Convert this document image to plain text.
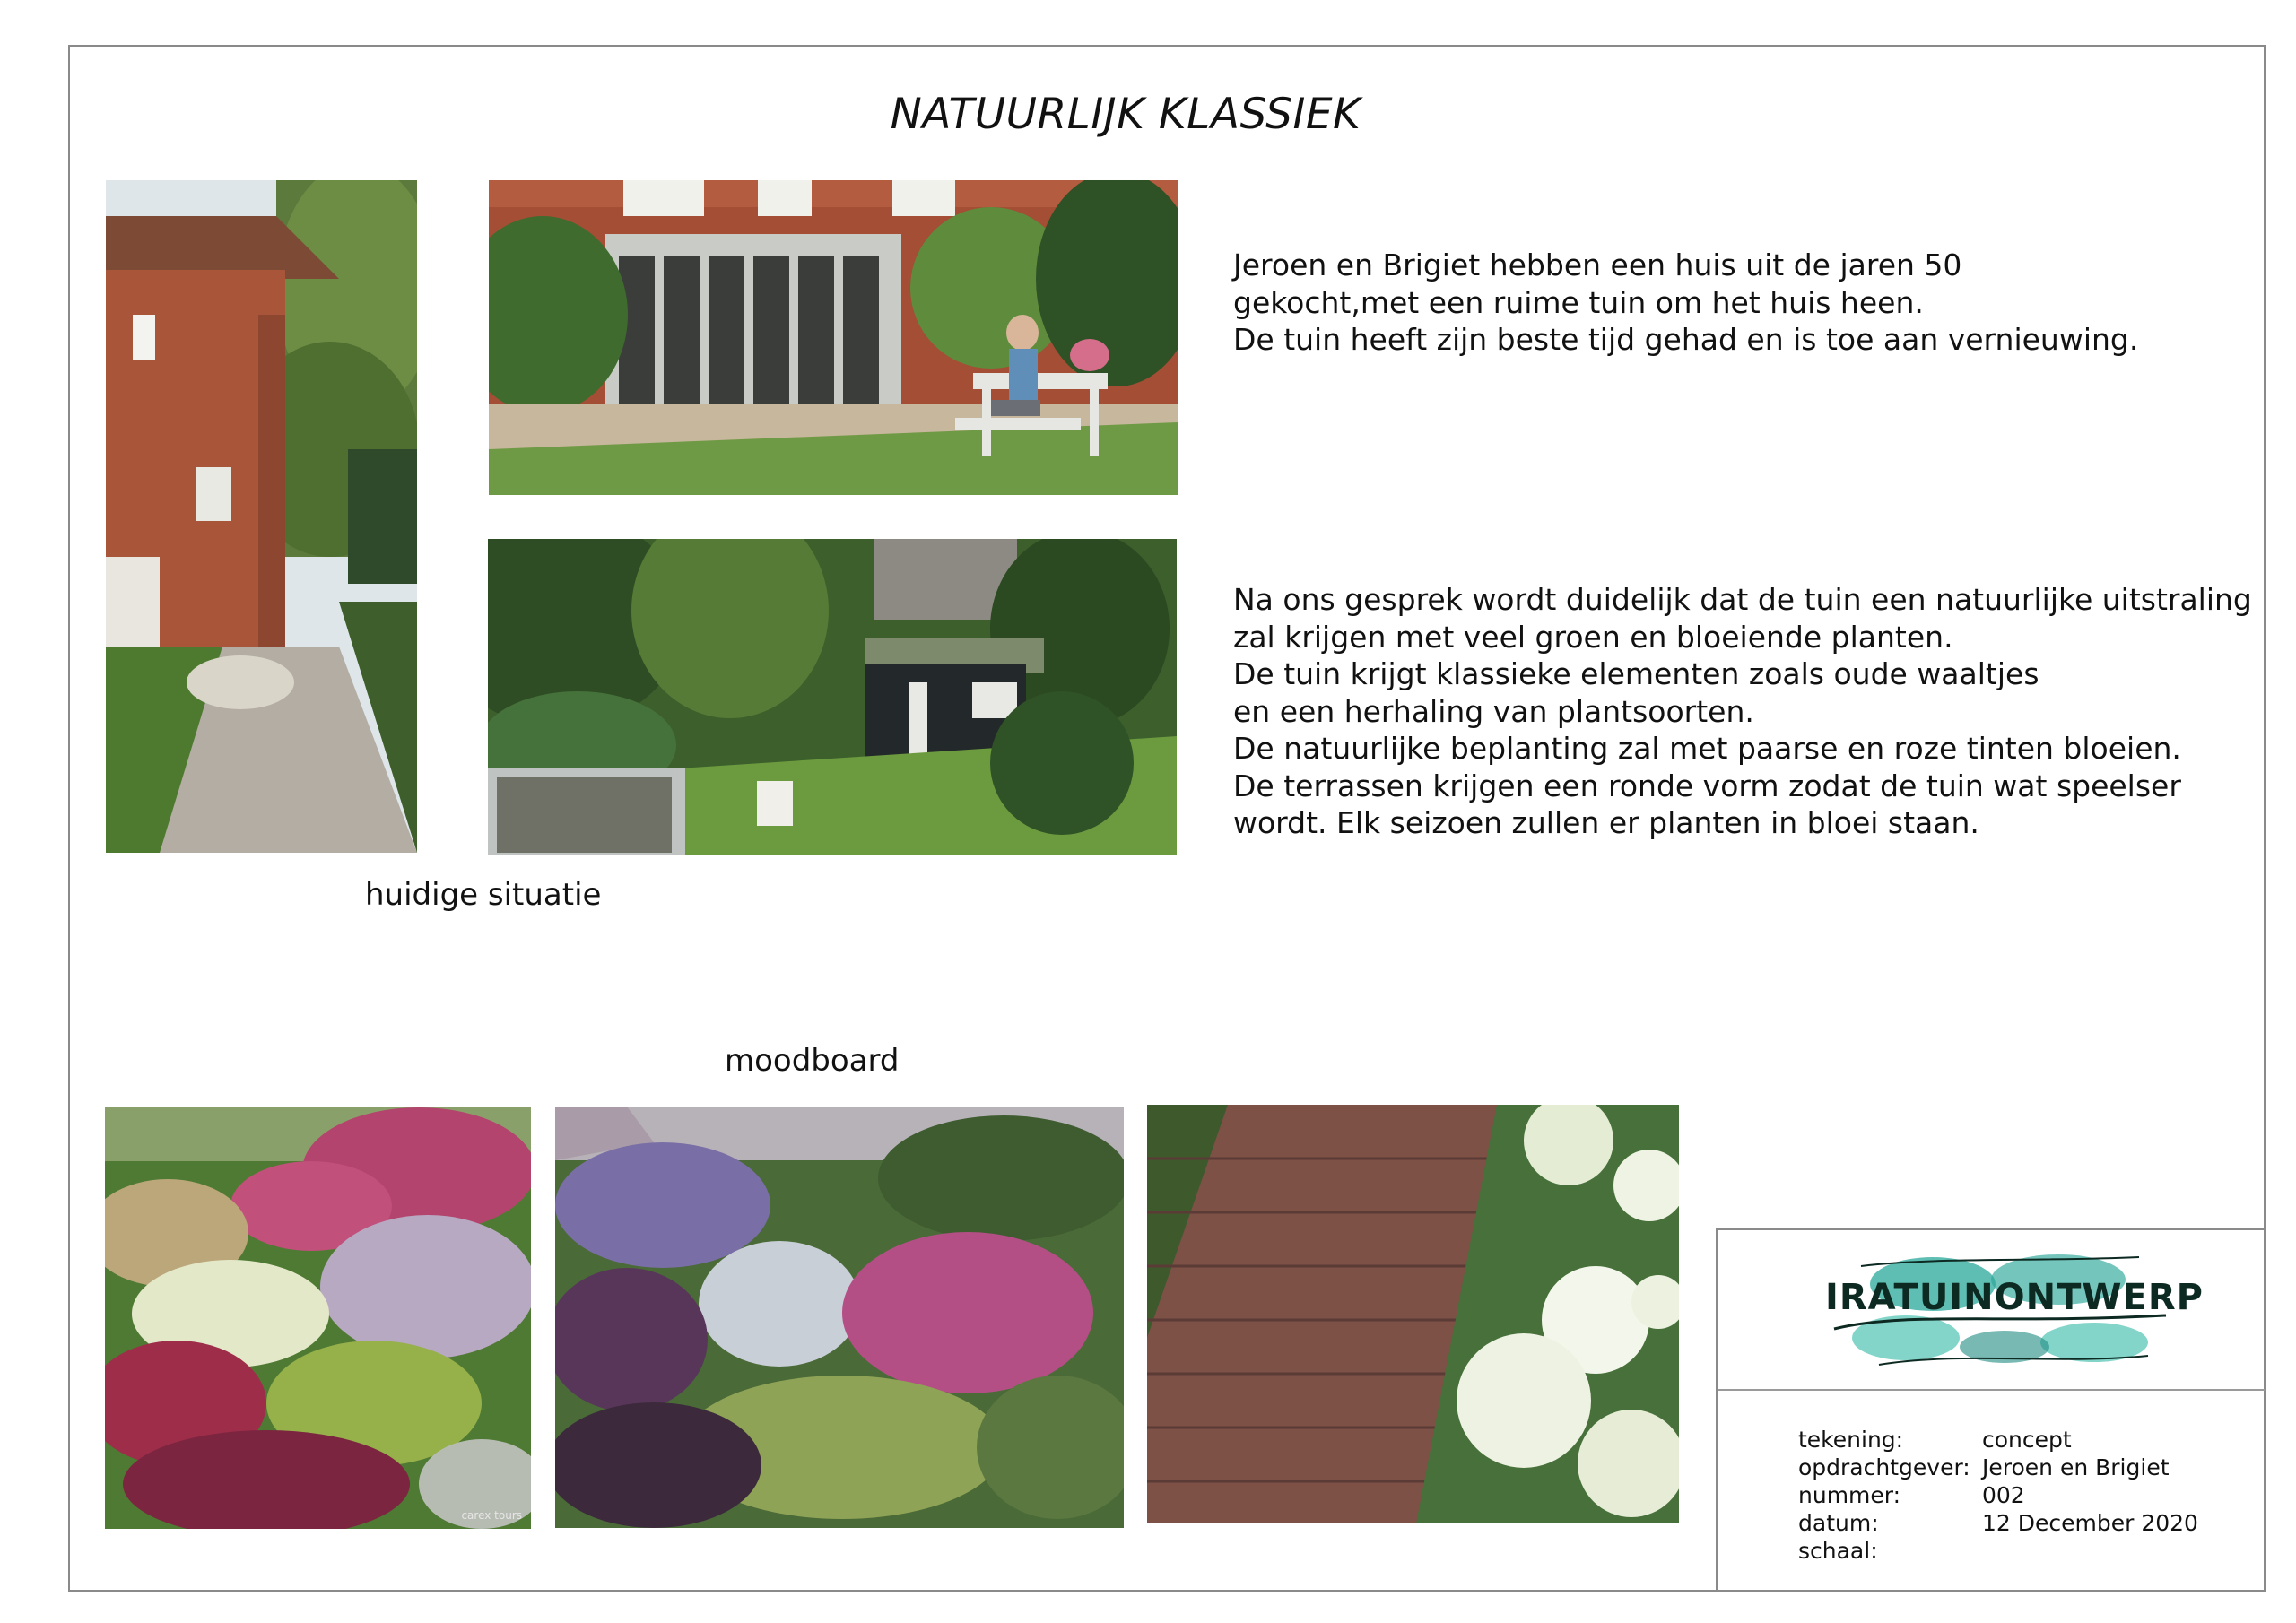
NATUURLIJK KLASSIEK
Jeroen en Brigiet hebben een huis uit de jaren 50
gekocht,met een ruime tuin om het huis heen.
De tuin heeft zijn beste tijd gehad en is toe aan vernieuwing.
Na ons gesprek wordt duidelijk dat de tuin een natuurlijke uitstraling
zal krijgen met veel groen en bloeiende planten.
De tuin krijgt klassieke elementen zoals oude waaltjes
en een herhaling van plantsoorten.
De natuurlijke beplanting zal met paarse en roze tinten bloeien.
De terrassen krijgen een ronde vorm zodat de tuin wat speelser
wordt. Elk seizoen zullen er planten in bloei staan.
huidige situatie
moodboard
carex tours
IRATUINONTWERP
tekening:	concept
opdrachtgever: Jeroen en Brigiet
nummer:	002
datum:	12 December 2020
schaal:
